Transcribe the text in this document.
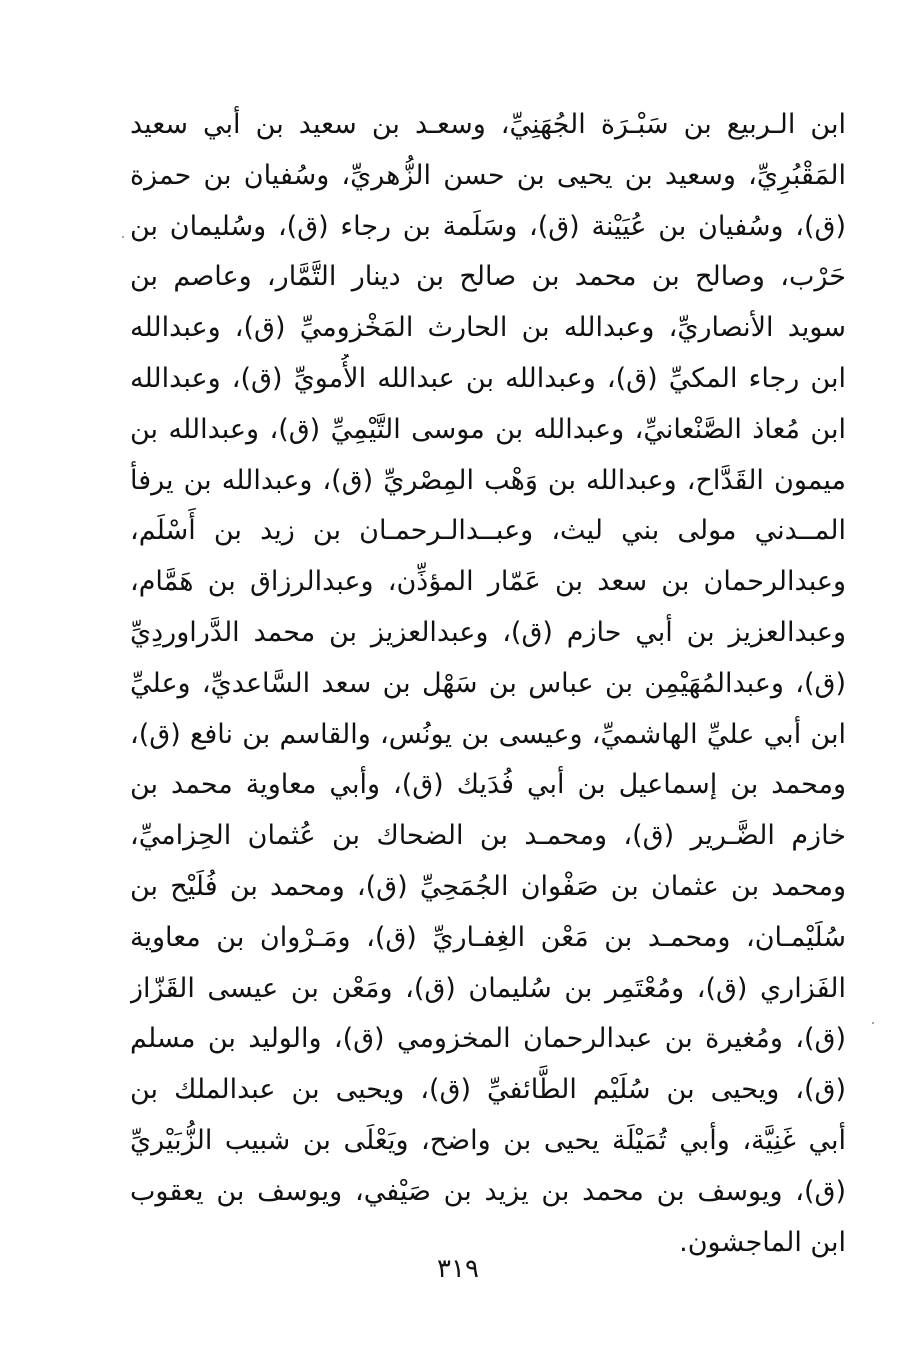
ابن الـربيع بن سَبْـرَة الجُهَنِيِّ، وسعـد بن سعيد بن أبي سعيد
المَقْبُرِيِّ، وسعيد بن يحيى بن حسن الزُّهريِّ، وسُفيان بن حمزة
(ق)، وسُفيان بن عُيَيْنة (ق)، وسَلَمة بن رجاء (ق)، وسُليمان بن
حَرْب، وصالح بن محمد بن صالح بن دينار التَّمَّار، وعاصم بن
سويد الأنصاريِّ، وعبدالله بن الحارث المَخْزوميِّ (ق)، وعبدالله
ابن رجاء المكيِّ (ق)، وعبدالله بن عبدالله الأُمويِّ (ق)، وعبدالله
ابن مُعاذ الصَّنْعانيِّ، وعبدالله بن موسى التَّيْمِيِّ (ق)، وعبدالله بن
ميمون القَدَّاح، وعبدالله بن وَهْب المِصْريِّ (ق)، وعبدالله بن يرفأ
المــدني مولى بني ليث، وعبــدالـرحمـان بن زيد بن أَسْلَم،
وعبدالرحمان بن سعد بن عَمّار المؤذِّن، وعبدالرزاق بن هَمَّام،
وعبدالعزيز بن أبي حازم (ق)، وعبدالعزيز بن محمد الدَّراوردِيِّ
(ق)، وعبدالمُهَيْمِن بن عباس بن سَهْل بن سعد السَّاعديِّ، وعليِّ
ابن أبي عليِّ الهاشميِّ، وعيسى بن يونُس، والقاسم بن نافع (ق)،
ومحمد بن إسماعيل بن أبي فُدَيك (ق)، وأبي معاوية محمد بن
خازم الضَّـرير (ق)، ومحمـد بن الضحاك بن عُثمان الحِزاميِّ،
ومحمد بن عثمان بن صَفْوان الجُمَحِيِّ (ق)، ومحمد بن فُلَيْح بن
سُلَيْمـان، ومحمـد بن مَعْن الغِفـاريِّ (ق)، ومَـرْوان بن معاوية
الفَزاري (ق)، ومُعْتَمِر بن سُليمان (ق)، ومَعْن بن عيسى القَزّاز
(ق)، ومُغيرة بن عبدالرحمان المخزومي (ق)، والوليد بن مسلم
(ق)، ويحيى بن سُلَيْم الطَّائفيِّ (ق)، ويحيى بن عبدالملك بن
أبي غَنِيَّة، وأبي تُمَيْلَة يحيى بن واضح، ويَعْلَى بن شبيب الزُّبَيْريِّ
(ق)، ويوسف بن محمد بن يزيد بن صَيْفي، ويوسف بن يعقوب
ابن الماجشون.
٣١٩
